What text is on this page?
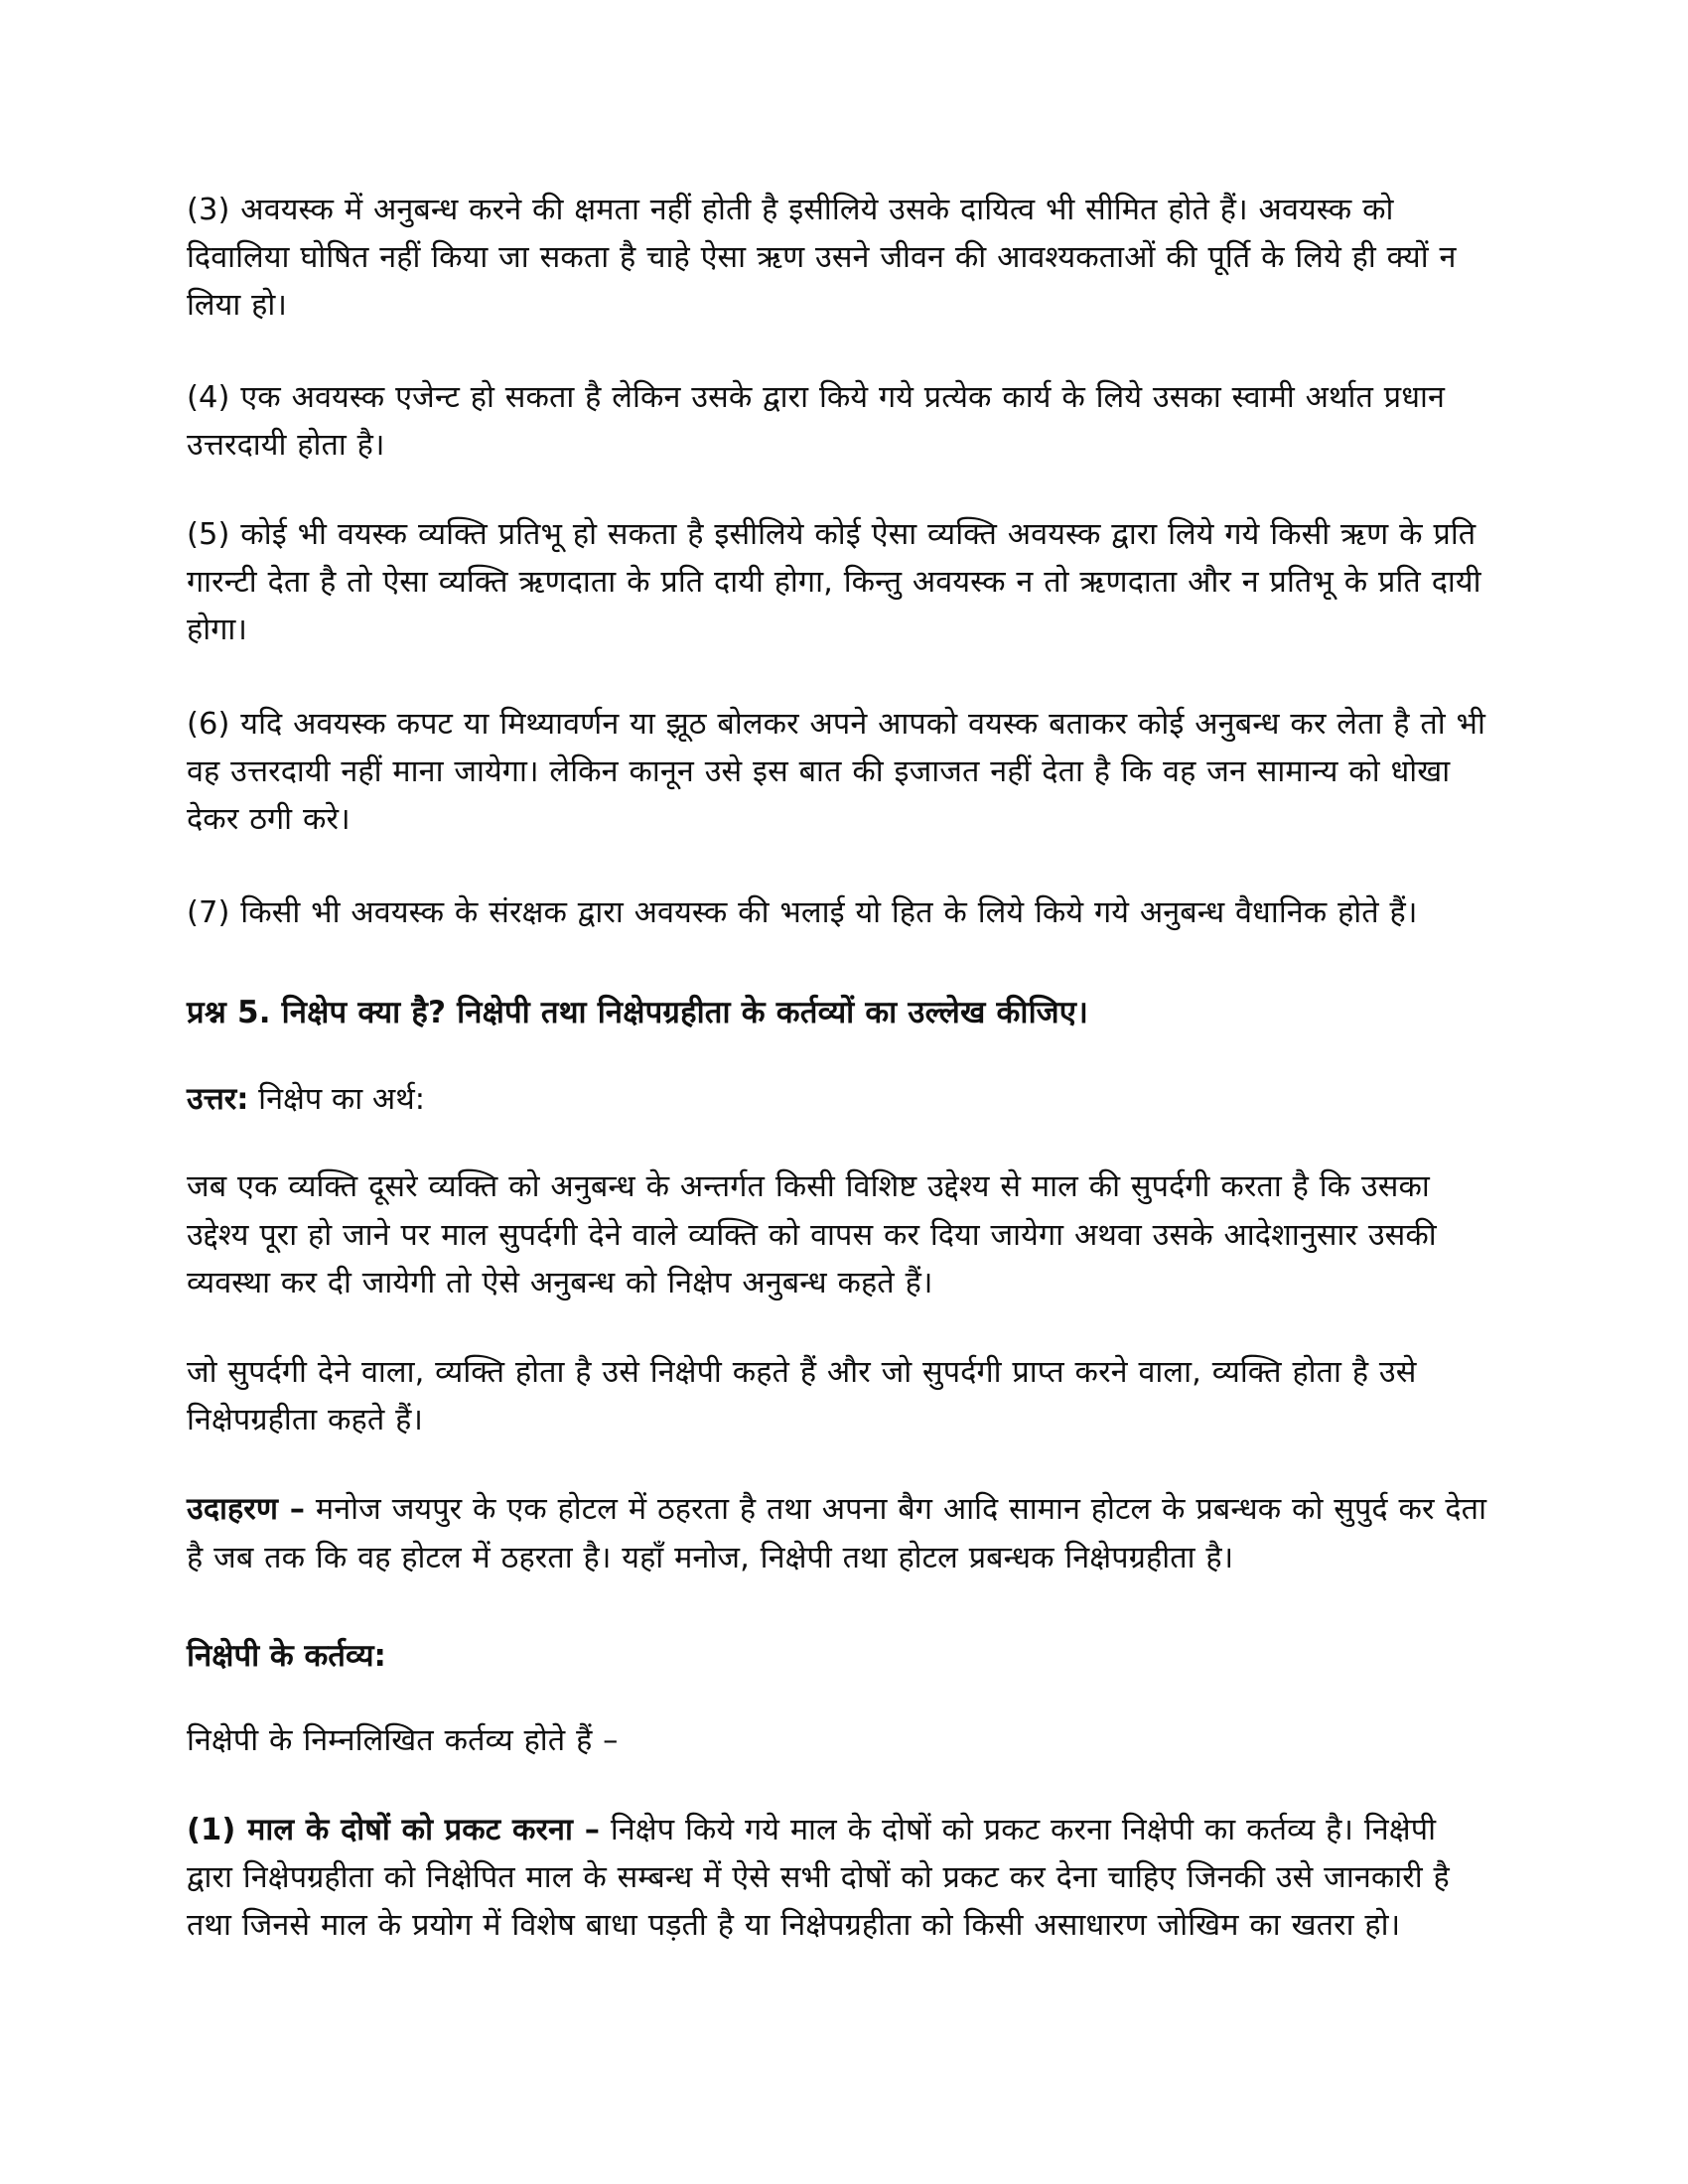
(3) अवयस्क में अनुबन्ध करने की क्षमता नहीं होती है इसीलिये उसके दायित्व भी सीमित होते हैं। अवयस्क को दिवालिया घोषित नहीं किया जा सकता है चाहे ऐसा ऋण उसने जीवन की आवश्यकताओं की पूर्ति के लिये ही क्यों न लिया हो।

(4) एक अवयस्क एजेन्ट हो सकता है लेकिन उसके द्वारा किये गये प्रत्येक कार्य के लिये उसका स्वामी अर्थात प्रधान उत्तरदायी होता है।

(5) कोई भी वयस्क व्यक्ति प्रतिभू हो सकता है इसीलिये कोई ऐसा व्यक्ति अवयस्क द्वारा लिये गये किसी ऋण के प्रति गारन्टी देता है तो ऐसा व्यक्ति ऋणदाता के प्रति दायी होगा, किन्तु अवयस्क न तो ऋणदाता और न प्रतिभू के प्रति दायी होगा।

(6) यदि अवयस्क कपट या मिथ्यावर्णन या झूठ बोलकर अपने आपको वयस्क बताकर कोई अनुबन्ध कर लेता है तो भी वह उत्तरदायी नहीं माना जायेगा। लेकिन कानून उसे इस बात की इजाजत नहीं देता है कि वह जन सामान्य को धोखा देकर ठगी करे।

(7) किसी भी अवयस्क के संरक्षक द्वारा अवयस्क की भलाई यो हित के लिये किये गये अनुबन्ध वैधानिक होते हैं।

प्रश्न 5. निक्षेप क्या है? निक्षेपी तथा निक्षेपग्रहीता के कर्तव्यों का उल्लेख कीजिए।

उत्तर: निक्षेप का अर्थ:

जब एक व्यक्ति दूसरे व्यक्ति को अनुबन्ध के अन्तर्गत किसी विशिष्ट उद्देश्य से माल की सुपर्दगी करता है कि उसका उद्देश्य पूरा हो जाने पर माल सुपर्दगी देने वाले व्यक्ति को वापस कर दिया जायेगा अथवा उसके आदेशानुसार उसकी व्यवस्था कर दी जायेगी तो ऐसे अनुबन्ध को निक्षेप अनुबन्ध कहते हैं।

जो सुपर्दगी देने वाला, व्यक्ति होता है उसे निक्षेपी कहते हैं और जो सुपर्दगी प्राप्त करने वाला, व्यक्ति होता है उसे निक्षेपग्रहीता कहते हैं।

उदाहरण – मनोज जयपुर के एक होटल में ठहरता है तथा अपना बैग आदि सामान होटल के प्रबन्धक को सुपुर्द कर देता है जब तक कि वह होटल में ठहरता है। यहाँ मनोज, निक्षेपी तथा होटल प्रबन्धक निक्षेपग्रहीता है।

निक्षेपी के कर्तव्य:

निक्षेपी के निम्नलिखित कर्तव्य होते हैं –

(1) माल के दोषों को प्रकट करना – निक्षेप किये गये माल के दोषों को प्रकट करना निक्षेपी का कर्तव्य है। निक्षेपी द्वारा निक्षेपग्रहीता को निक्षेपित माल के सम्बन्ध में ऐसे सभी दोषों को प्रकट कर देना चाहिए जिनकी उसे जानकारी है तथा जिनसे माल के प्रयोग में विशेष बाधा पड़ती है या निक्षेपग्रहीता को किसी असाधारण जोखिम का खतरा हो।
